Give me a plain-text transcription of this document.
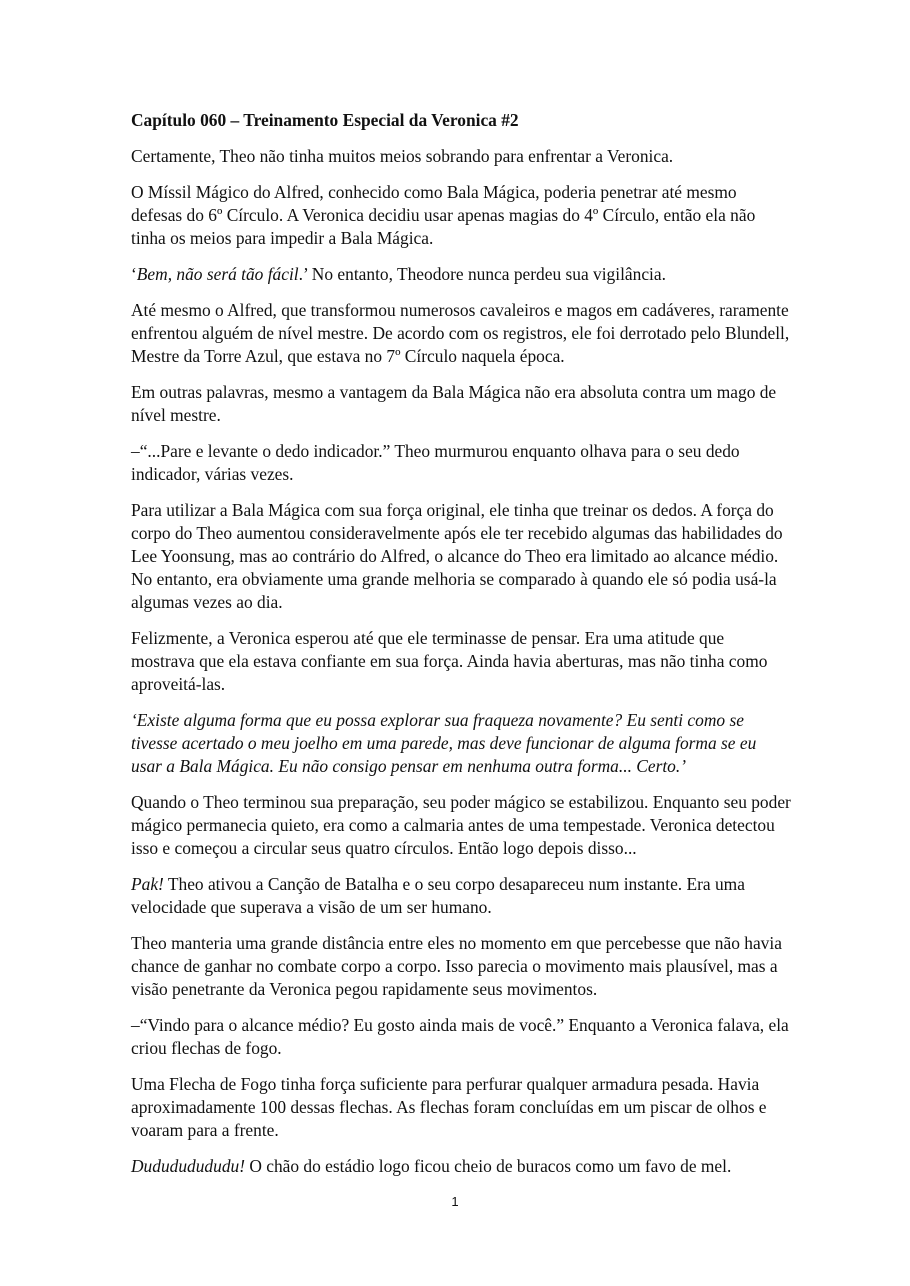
Capítulo 060 – Treinamento Especial da Veronica #2

Certamente, Theo não tinha muitos meios sobrando para enfrentar a Veronica.

O Míssil Mágico do Alfred, conhecido como Bala Mágica, poderia penetrar até mesmo defesas do 6º Círculo. A Veronica decidiu usar apenas magias do 4º Círculo, então ela não tinha os meios para impedir a Bala Mágica.

‘Bem, não será tão fácil.’ No entanto, Theodore nunca perdeu sua vigilância.

Até mesmo o Alfred, que transformou numerosos cavaleiros e magos em cadáveres, raramente enfrentou alguém de nível mestre. De acordo com os registros, ele foi derrotado pelo Blundell, Mestre da Torre Azul, que estava no 7º Círculo naquela época.

Em outras palavras, mesmo a vantagem da Bala Mágica não era absoluta contra um mago de nível mestre.

–“...Pare e levante o dedo indicador.” Theo murmurou enquanto olhava para o seu dedo indicador, várias vezes.

Para utilizar a Bala Mágica com sua força original, ele tinha que treinar os dedos. A força do corpo do Theo aumentou consideravelmente após ele ter recebido algumas das habilidades do Lee Yoonsung, mas ao contrário do Alfred, o alcance do Theo era limitado ao alcance médio. No entanto, era obviamente uma grande melhoria se comparado à quando ele só podia usá-la algumas vezes ao dia.

Felizmente, a Veronica esperou até que ele terminasse de pensar. Era uma atitude que mostrava que ela estava confiante em sua força. Ainda havia aberturas, mas não tinha como aproveitá-las.

‘Existe alguma forma que eu possa explorar sua fraqueza novamente? Eu senti como se tivesse acertado o meu joelho em uma parede, mas deve funcionar de alguma forma se eu usar a Bala Mágica. Eu não consigo pensar em nenhuma outra forma... Certo.’

Quando o Theo terminou sua preparação, seu poder mágico se estabilizou. Enquanto seu poder mágico permanecia quieto, era como a calmaria antes de uma tempestade. Veronica detectou isso e começou a circular seus quatro círculos. Então logo depois disso...

Pak! Theo ativou a Canção de Batalha e o seu corpo desapareceu num instante. Era uma velocidade que superava a visão de um ser humano.

Theo manteria uma grande distância entre eles no momento em que percebesse que não havia chance de ganhar no combate corpo a corpo. Isso parecia o movimento mais plausível, mas a visão penetrante da Veronica pegou rapidamente seus movimentos.

–“Vindo para o alcance médio? Eu gosto ainda mais de você.” Enquanto a Veronica falava, ela criou flechas de fogo.

Uma Flecha de Fogo tinha força suficiente para perfurar qualquer armadura pesada. Havia aproximadamente 100 dessas flechas. As flechas foram concluídas em um piscar de olhos e voaram para a frente.

Dudududududu! O chão do estádio logo ficou cheio de buracos como um favo de mel.

1
